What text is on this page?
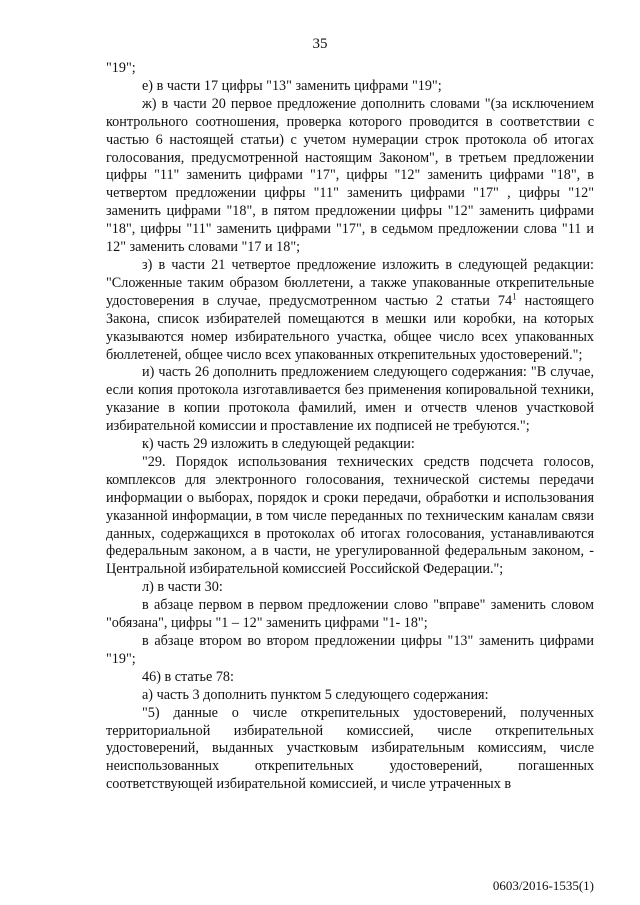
35

"19";

е) в части 17 цифры "13" заменить цифрами "19";

ж) в части 20 первое предложение дополнить словами "(за исключением контрольного соотношения, проверка которого проводится в соответствии с частью 6 настоящей статьи) с учетом нумерации строк протокола об итогах голосования, предусмотренной настоящим Законом", в третьем предложении цифры "11" заменить цифрами "17", цифры "12" заменить цифрами "18", в четвертом предложении цифры "11" заменить цифрами "17" , цифры "12" заменить цифрами "18", в пятом предложении цифры "12" заменить цифрами "18", цифры "11" заменить цифрами "17", в седьмом предложении слова "11 и 12" заменить словами "17 и 18";

з) в части 21 четвертое предложение изложить в следующей редакции: "Сложенные таким образом бюллетени, а также упакованные открепительные удостоверения в случае, предусмотренном частью 2 статьи $74^1$ настоящего Закона, список избирателей помещаются в мешки или коробки, на которых указываются номер избирательного участка, общее число всех упакованных бюллетеней, общее число всех упакованных открепительных удостоверений.";

и) часть 26 дополнить предложением следующего содержания: "В случае, если копия протокола изготавливается без применения копировальной техники, указание в копии протокола фамилий, имен и отчеств членов участковой избирательной комиссии и проставление их подписей не требуются.";

к) часть 29 изложить в следующей редакции:

"29. Порядок использования технических средств подсчета голосов, комплексов для электронного голосования, технической системы передачи информации о выборах, порядок и сроки передачи, обработки и использования указанной информации, в том числе переданных по техническим каналам связи данных, содержащихся в протоколах об итогах голосования, устанавливаются федеральным законом, а в части, не урегулированной федеральным законом, - Центральной избирательной комиссией Российской Федерации.";

л) в части 30:

в абзаце первом в первом предложении слово "вправе" заменить словом "обязана", цифры "1 – 12" заменить цифрами "1- 18";

в абзаце втором во втором предложении цифры "13" заменить цифрами "19";

46) в статье 78:

а) часть 3 дополнить пунктом 5 следующего содержания:

"5) данные о числе открепительных удостоверений, полученных территориальной избирательной комиссией, числе открепительных удостоверений, выданных участковым избирательным комиссиям, числе неиспользованных открепительных удостоверений, погашенных соответствующей избирательной комиссией, и числе утраченных в

0603/2016-1535(1)
